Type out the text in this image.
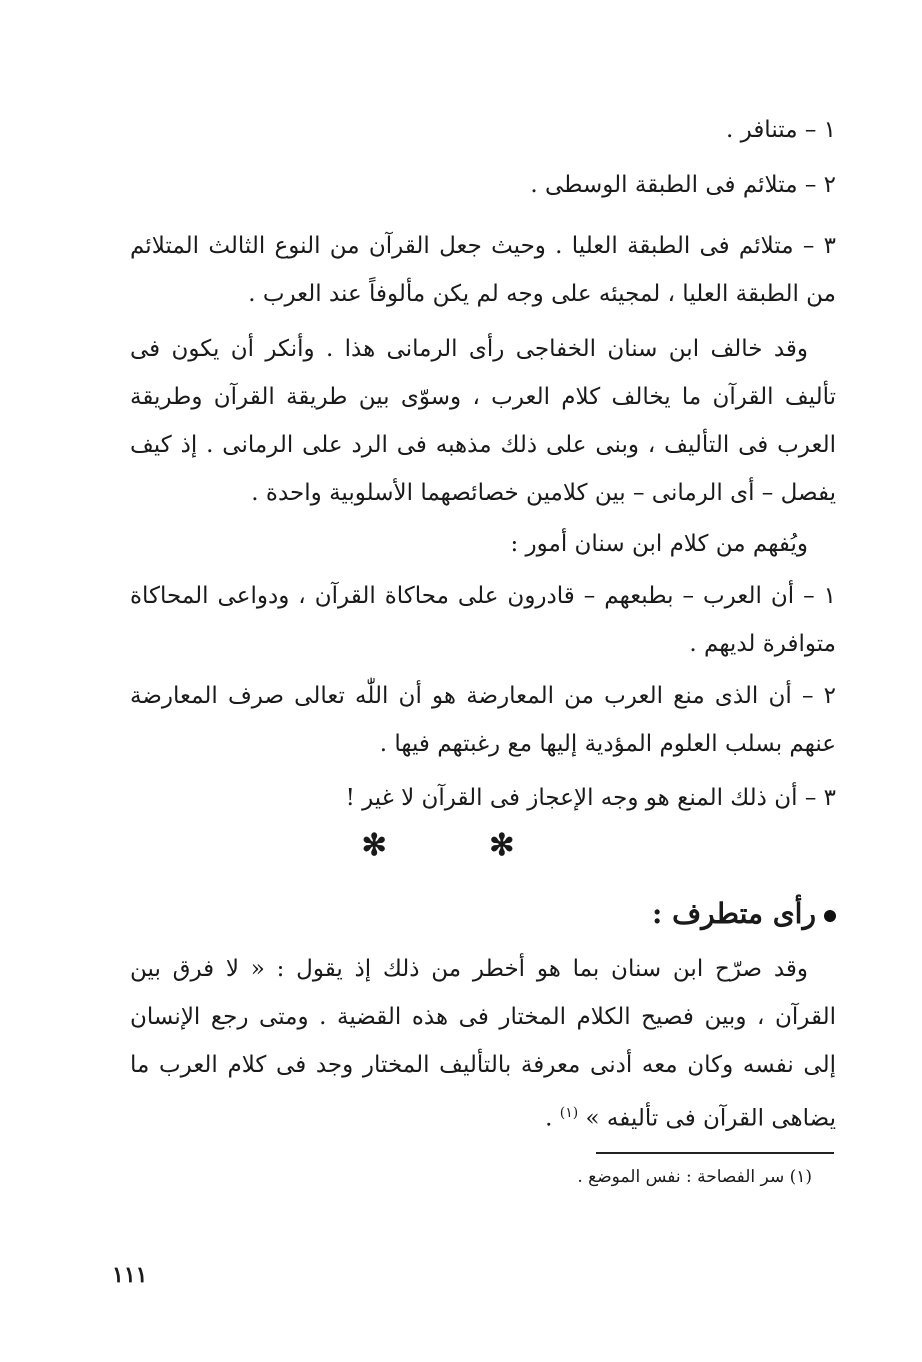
١ – متنافر .
٢ – متلائم فى الطبقة الوسطى .
٣ – متلائم فى الطبقة العليا . وحيث جعل القرآن من النوع الثالث المتلائم من الطبقة العليا ، لمجيئه على وجه لم يكن مألوفاً عند العرب .
وقد خالف ابن سنان الخفاجى رأى الرمانى هذا . وأنكر أن يكون فى تأليف القرآن ما يخالف كلام العرب ، وسوّى بين طريقة القرآن وطريقة العرب فى التأليف ، وبنى على ذلك مذهبه فى الرد على الرمانى . إذ كيف يفصل – أى الرمانى – بين كلامين خصائصهما الأسلوبية واحدة .
ويُفهم من كلام ابن سنان أمور :
١ – أن العرب – بطبعهم – قادرون على محاكاة القرآن ، ودواعى المحاكاة متوافرة لديهم .
٢ – أن الذى منع العرب من المعارضة هو أن اللّٰه تعالى صرف المعارضة عنهم بسلب العلوم المؤدية إليها مع رغبتهم فيها .
٣ – أن ذلك المنع هو وجه الإعجاز فى القرآن لا غير !
✻ ✻
رأى متطرف :
وقد صرّح ابن سنان بما هو أخطر من ذلك إذ يقول : « لا فرق بين القرآن ، وبين فصيح الكلام المختار فى هذه القضية . ومتى رجع الإنسان إلى نفسه وكان معه أدنى معرفة بالتأليف المختار وجد فى كلام العرب ما يضاهى القرآن فى تأليفه » $^{(١)}$ .
(١) سر الفصاحة : نفس الموضع .
١١١
